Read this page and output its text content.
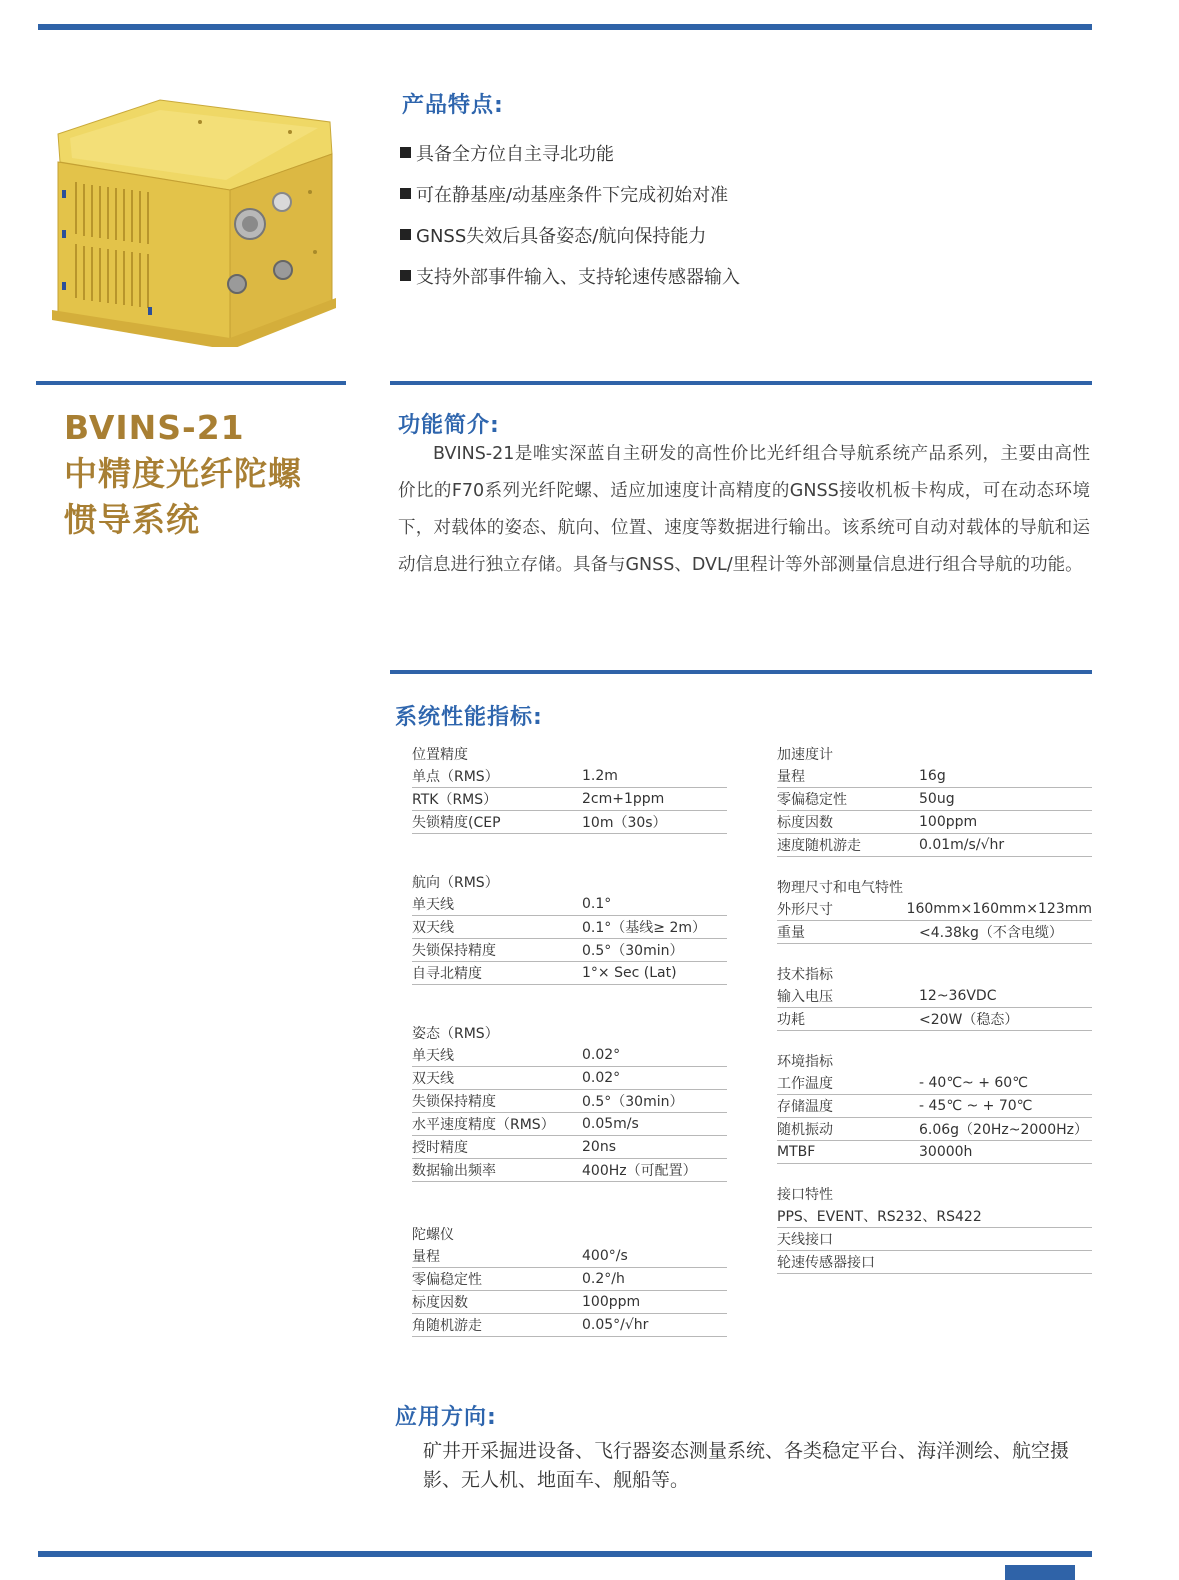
产品特点:
具备全方位自主寻北功能
可在静基座/动基座条件下完成初始对准
GNSS失效后具备姿态/航向保持能力
支持外部事件输入、支持轮速传感器输入
BVINS-21
中精度光纤陀螺
惯导系统
功能简介:

BVINS-21是唯实深蓝自主研发的高性价比光纤组合导航系统产品系列，主要由高性价比的F70系列光纤陀螺、适应加速度计高精度的GNSS接收机板卡构成，可在动态环境下，对载体的姿态、航向、位置、速度等数据进行输出。该系统可自动对载体的导航和运动信息进行独立存储。具备与GNSS、DVL/里程计等外部测量信息进行组合导航的功能。

系统性能指标:
位置精度
单点（RMS）	1.2m
RTK（RMS）	2cm+1ppm
失锁精度(CEP	10m（30s）
航向（RMS）
单天线	0.1°
双天线	0.1°（基线≥ 2m）
失锁保持精度	0.5°（30min）
自寻北精度	1°× Sec (Lat)
姿态（RMS）
单天线	0.02°
双天线	0.02°
失锁保持精度	0.5°（30min）
水平速度精度（RMS）	0.05m/s
授时精度	20ns
数据输出频率	400Hz（可配置）
陀螺仪
量程	400°/s
零偏稳定性	0.2°/h
标度因数	100ppm
角随机游走	0.05°/√hr
加速度计
量程	16g
零偏稳定性	50ug
标度因数	100ppm
速度随机游走	0.01m/s/√hr
物理尺寸和电气特性
外形尺寸	160mm×160mm×123mm
重量	<4.38kg（不含电缆）
技术指标
输入电压	12~36VDC
功耗	<20W（稳态）
环境指标
工作温度	- 40℃~ + 60℃
存储温度	- 45℃ ~ + 70℃
随机振动	6.06g（20Hz~2000Hz）
MTBF	30000h
接口特性
PPS、EVENT、RS232、RS422
天线接口
轮速传感器接口
应用方向:

矿井开采掘进设备、飞行器姿态测量系统、各类稳定平台、海洋测绘、航空摄影、无人机、地面车、舰船等。
